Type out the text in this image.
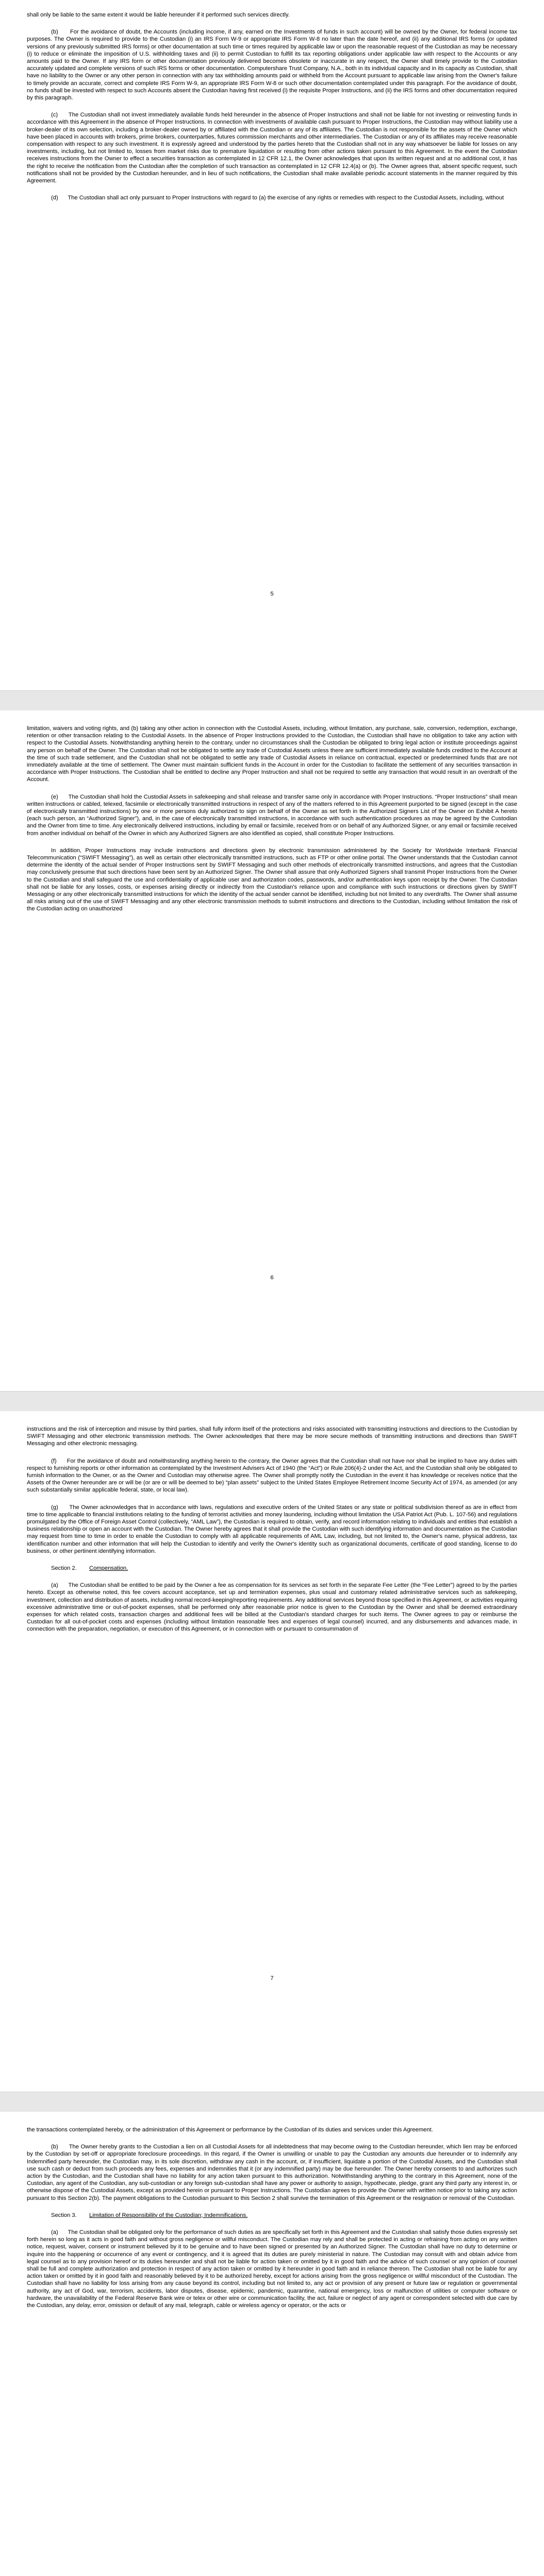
shall only be liable to the same extent it would be liable hereunder if it performed such services directly.

(b)      For the avoidance of doubt, the Accounts (including income, if any, earned on the Investments of funds in such account) will be owned by the Owner, for federal income tax purposes. The Owner is required to provide to the Custodian (i) an IRS Form W-9 or appropriate IRS Form W-8 no later than the date hereof, and (ii) any additional IRS forms (or updated versions of any previously submitted IRS forms) or other documentation at such time or times required by applicable law or upon the reasonable request of the Custodian as may be necessary (i) to reduce or eliminate the imposition of U.S. withholding taxes and (ii) to permit Custodian to fulfill its tax reporting obligations under applicable law with respect to the Accounts or any amounts paid to the Owner. If any IRS form or other documentation previously delivered becomes obsolete or inaccurate in any respect, the Owner shall timely provide to the Custodian accurately updated and complete versions of such IRS forms or other documentation. Computershare Trust Company, N.A., both in its individual capacity and in its capacity as Custodian, shall have no liability to the Owner or any other person in connection with any tax withholding amounts paid or withheld from the Account pursuant to applicable law arising from the Owner's failure to timely provide an accurate, correct and complete IRS Form W-9, an appropriate IRS Form W-8 or such other documentation contemplated under this paragraph. For the avoidance of doubt, no funds shall be invested with respect to such Accounts absent the Custodian having first received (i) the requisite Proper Instructions, and (ii) the IRS forms and other documentation required by this paragraph.

(c)      The Custodian shall not invest immediately available funds held hereunder in the absence of Proper Instructions and shall not be liable for not investing or reinvesting funds in accordance with this Agreement in the absence of Proper Instructions. In connection with investments of available cash pursuant to Proper Instructions, the Custodian may without liability use a broker-dealer of its own selection, including a broker-dealer owned by or affiliated with the Custodian or any of its affiliates. The Custodian is not responsible for the assets of the Owner which have been placed in accounts with brokers, prime brokers, counterparties, futures commission merchants and other intermediaries. The Custodian or any of its affiliates may receive reasonable compensation with respect to any such investment. It is expressly agreed and understood by the parties hereto that the Custodian shall not in any way whatsoever be liable for losses on any investments, including, but not limited to, losses from market risks due to premature liquidation or resulting from other actions taken pursuant to this Agreement. In the event the Custodian receives instructions from the Owner to effect a securities transaction as contemplated in 12 CFR 12.1, the Owner acknowledges that upon its written request and at no additional cost, it has the right to receive the notification from the Custodian after the completion of such transaction as contemplated in 12 CFR 12.4(a) or (b). The Owner agrees that, absent specific request, such notifications shall not be provided by the Custodian hereunder, and in lieu of such notifications, the Custodian shall make available periodic account statements in the manner required by this Agreement.

(d)      The Custodian shall act only pursuant to Proper Instructions with regard to (a) the exercise of any rights or remedies with respect to the Custodial Assets, including, without

5

limitation, waivers and voting rights, and (b) taking any other action in connection with the Custodial Assets, including, without limitation, any purchase, sale, conversion, redemption, exchange, retention or other transaction relating to the Custodial Assets. In the absence of Proper Instructions provided to the Custodian, the Custodian shall have no obligation to take any action with respect to the Custodial Assets. Notwithstanding anything herein to the contrary, under no circumstances shall the Custodian be obligated to bring legal action or institute proceedings against any person on behalf of the Owner. The Custodian shall not be obligated to settle any trade of Custodial Assets unless there are sufficient immediately available funds credited to the Account at the time of such trade settlement, and the Custodian shall not be obligated to settle any trade of Custodial Assets in reliance on contractual, expected or predetermined funds that are not immediately available at the time of settlement. The Owner must maintain sufficient funds in the Account in order for the Custodian to facilitate the settlement of any securities transaction in accordance with Proper Instructions. The Custodian shall be entitled to decline any Proper Instruction and shall not be required to settle any transaction that would result in an overdraft of the Account.

(e)      The Custodian shall hold the Custodial Assets in safekeeping and shall release and transfer same only in accordance with Proper Instructions. “Proper Instructions” shall mean written instructions or cabled, telexed, facsimile or electronically transmitted instructions in respect of any of the matters referred to in this Agreement purported to be signed (except in the case of electronically transmitted instructions) by one or more persons duly authorized to sign on behalf of the Owner as set forth in the Authorized Signers List of the Owner on Exhibit A hereto (each such person, an “Authorized Signer”), and, in the case of electronically transmitted instructions, in accordance with such authentication procedures as may be agreed by the Custodian and the Owner from time to time. Any electronically delivered instructions, including by email or facsimile, received from or on behalf of any Authorized Signer, or any email or facsimile received from another individual on behalf of the Owner in which any Authorized Signers are also identified as copied, shall constitute Proper Instructions.

In addition, Proper Instructions may include instructions and directions given by electronic transmission administered by the Society for Worldwide Interbank Financial Telecommunication (“SWIFT Messaging”), as well as certain other electronically transmitted instructions, such as FTP or other online portal. The Owner understands that the Custodian cannot determine the identity of the actual sender of Proper Instructions sent by SWIFT Messaging and such other methods of electronically transmitted instructions, and agrees that the Custodian may conclusively presume that such directions have been sent by an Authorized Signer. The Owner shall assure that only Authorized Signers shall transmit Proper Instructions from the Owner to the Custodian and shall safeguard the use and confidentiality of applicable user and authorization codes, passwords, and/or authentication keys upon receipt by the Owner. The Custodian shall not be liable for any losses, costs, or expenses arising directly or indirectly from the Custodian's reliance upon and compliance with such instructions or directions given by SWIFT Messaging or any other electronically transmitted instructions for which the identity of the actual sender cannot be identified, including but not limited to any overdrafts. The Owner shall assume all risks arising out of the use of SWIFT Messaging and any other electronic transmission methods to submit instructions and directions to the Custodian, including without limitation the risk of the Custodian acting on unauthorized

6

instructions and the risk of interception and misuse by third parties, shall fully inform itself of the protections and risks associated with transmitting instructions and directions to the Custodian by SWIFT Messaging and other electronic transmission methods. The Owner acknowledges that there may be more secure methods of transmitting instructions and directions than SWIFT Messaging and other electronic messaging.

(f)      For the avoidance of doubt and notwithstanding anything herein to the contrary, the Owner agrees that the Custodian shall not have nor shall be implied to have any duties with respect to furnishing reports or other information as contemplated by the Investment Advisers Act of 1940 (the “Act”) or Rule 206(4)-2 under the Act, and the Custodian shall only be obligated to furnish information to the Owner, or as the Owner and Custodian may otherwise agree. The Owner shall promptly notify the Custodian in the event it has knowledge or receives notice that the Assets of the Owner hereunder are or will be (or are or will be deemed to be) “plan assets” subject to the United States Employee Retirement Income Security Act of 1974, as amended (or any such substantially similar applicable federal, state, or local law).

(g)      The Owner acknowledges that in accordance with laws, regulations and executive orders of the United States or any state or political subdivision thereof as are in effect from time to time applicable to financial institutions relating to the funding of terrorist activities and money laundering, including without limitation the USA Patriot Act (Pub. L. 107-56) and regulations promulgated by the Office of Foreign Asset Control (collectively, “AML Law”), the Custodian is required to obtain, verify, and record information relating to individuals and entities that establish a business relationship or open an account with the Custodian. The Owner hereby agrees that it shall provide the Custodian with such identifying information and documentation as the Custodian may request from time to time in order to enable the Custodian to comply with all applicable requirements of AML Law, including, but not limited to, the Owner's name, physical address, tax identification number and other information that will help the Custodian to identify and verify the Owner's identity such as organizational documents, certificate of good standing, license to do business, or other pertinent identifying information.

Section 2. Compensation.

(a)      The Custodian shall be entitled to be paid by the Owner a fee as compensation for its services as set forth in the separate Fee Letter (the “Fee Letter”) agreed to by the parties hereto. Except as otherwise noted, this fee covers account acceptance, set up and termination expenses, plus usual and customary related administrative services such as safekeeping, investment, collection and distribution of assets, including normal record-keeping/reporting requirements. Any additional services beyond those specified in this Agreement, or activities requiring excessive administrative time or out-of-pocket expenses, shall be performed only after reasonable prior notice is given to the Custodian by the Owner and shall be deemed extraordinary expenses for which related costs, transaction charges and additional fees will be billed at the Custodian's standard charges for such items. The Owner agrees to pay or reimburse the Custodian for all out-of-pocket costs and expenses (including without limitation reasonable fees and expenses of legal counsel) incurred, and any disbursements and advances made, in connection with the preparation, negotiation, or execution of this Agreement, or in connection with or pursuant to consummation of

7

the transactions contemplated hereby, or the administration of this Agreement or performance by the Custodian of its duties and services under this Agreement.

(b)      The Owner hereby grants to the Custodian a lien on all Custodial Assets for all indebtedness that may become owing to the Custodian hereunder, which lien may be enforced by the Custodian by set-off or appropriate foreclosure proceedings. In this regard, if the Owner is unwilling or unable to pay the Custodian any amounts due hereunder or to indemnify any Indemnified party hereunder, the Custodian may, in its sole discretion, withdraw any cash in the account, or, if insufficient, liquidate a portion of the Custodial Assets, and the Custodian shall use such cash or deduct from such proceeds any fees, expenses and indemnities that it (or any indemnified party) may be due hereunder. The Owner hereby consents to and authorizes such action by the Custodian, and the Custodian shall have no liability for any action taken pursuant to this authorization. Notwithstanding anything to the contrary in this Agreement, none of the Custodian, any agent of the Custodian, any sub-custodian or any foreign sub-custodian shall have any power or authority to assign, hypothecate, pledge, grant any third party any interest in, or otherwise dispose of the Custodial Assets, except as provided herein or pursuant to Proper Instructions. The Custodian agrees to provide the Owner with written notice prior to taking any action pursuant to this Section 2(b). The payment obligations to the Custodian pursuant to this Section 2 shall survive the termination of this Agreement or the resignation or removal of the Custodian.

Section 3. Limitation of Responsibility of the Custodian; Indemnifications.

(a)      The Custodian shall be obligated only for the performance of such duties as are specifically set forth in this Agreement and the Custodian shall satisfy those duties expressly set forth herein so long as it acts in good faith and without gross negligence or willful misconduct. The Custodian may rely and shall be protected in acting or refraining from acting on any written notice, request, waiver, consent or instrument believed by it to be genuine and to have been signed or presented by an Authorized Signer. The Custodian shall have no duty to determine or inquire into the happening or occurrence of any event or contingency, and it is agreed that its duties are purely ministerial in nature. The Custodian may consult with and obtain advice from legal counsel as to any provision hereof or its duties hereunder and shall not be liable for action taken or omitted by it in good faith and the advice of such counsel or any opinion of counsel shall be full and complete authorization and protection in respect of any action taken or omitted by it hereunder in good faith and in reliance thereon. The Custodian shall not be liable for any action taken or omitted by it in good faith and reasonably believed by it to be authorized hereby, except for actions arising from the gross negligence or willful misconduct of the Custodian. The Custodian shall have no liability for loss arising from any cause beyond its control, including but not limited to, any act or provision of any present or future law or regulation or governmental authority, any act of God, war, terrorism, accidents, labor disputes, disease, epidemic, pandemic, quarantine, national emergency, loss or malfunction of utilities or computer software or hardware, the unavailability of the Federal Reserve Bank wire or telex or other wire or communication facility, the act, failure or neglect of any agent or correspondent selected with due care by the Custodian, any delay, error, omission or default of any mail, telegraph, cable or wireless agency or operator, or the acts or
